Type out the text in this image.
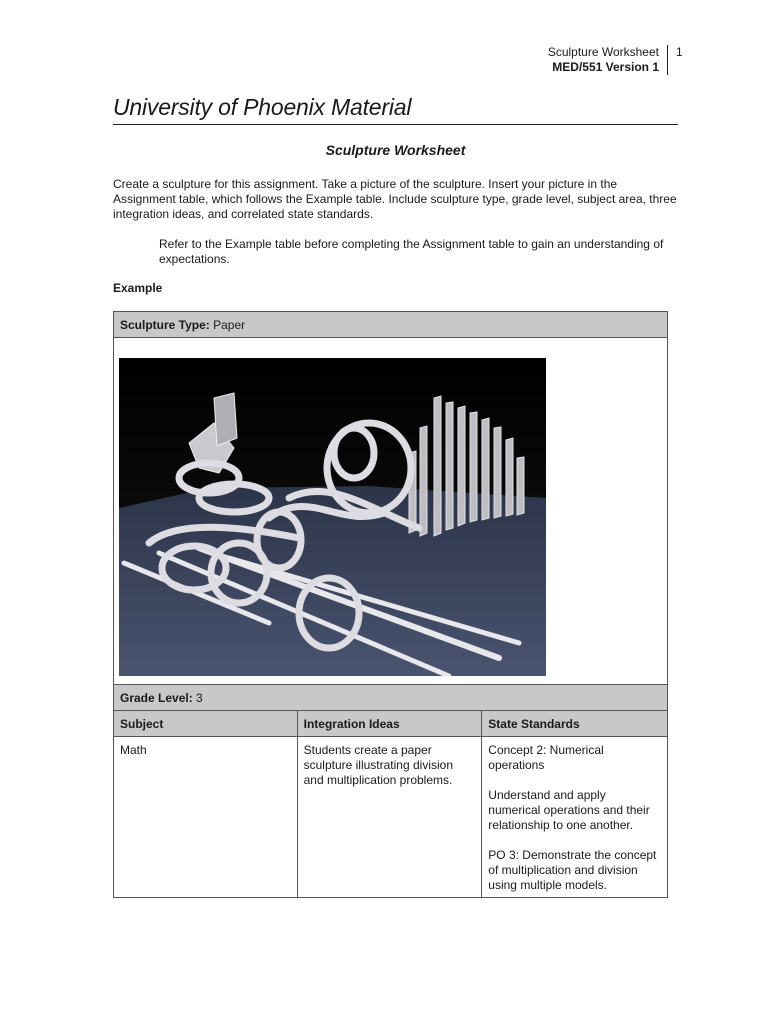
Sculpture Worksheet
MED/551 Version 1
1
University of Phoenix Material
Sculpture Worksheet

Create a sculpture for this assignment. Take a picture of the sculpture. Insert your picture in the Assignment table, which follows the Example table. Include sculpture type, grade level, subject area, three integration ideas, and correlated state standards.

Refer to the Example table before completing the Assignment table to gain an understanding of expectations.

Example
Sculpture Type: Paper		

Grade Level: 3		
Subject	Integration Ideas	State Standards
Math	Students create a paper sculpture illustrating division and multiplication problems.	Concept 2: Numerical operations

Understand and apply numerical operations and their relationship to one another.

PO 3: Demonstrate the concept of multiplication and division using multiple models.
